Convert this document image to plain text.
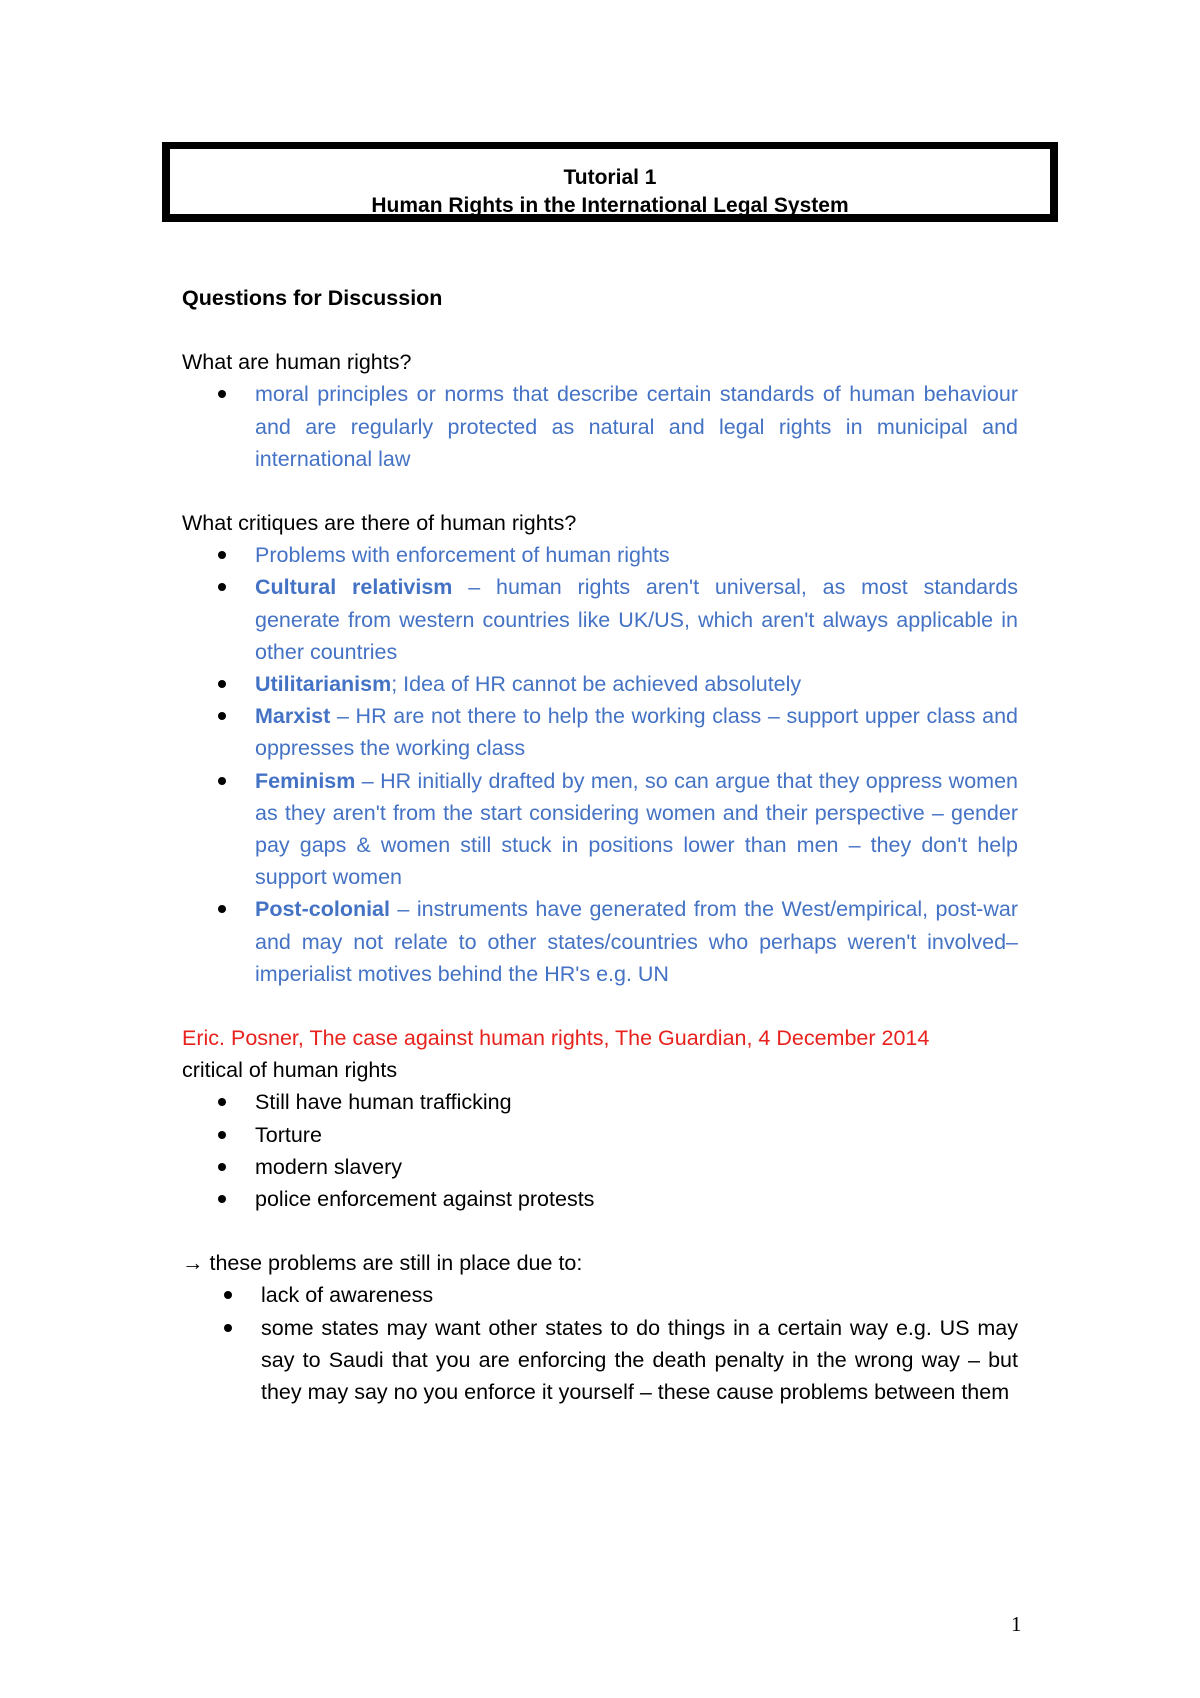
Tutorial 1
Human Rights in the International Legal System
Questions for Discussion
What are human rights?
moral principles or norms that describe certain standards of human behaviour and are regularly protected as natural and legal rights in municipal and international law
What critiques are there of human rights?
Problems with enforcement of human rights
Cultural relativism – human rights aren't universal, as most standards generate from western countries like UK/US, which aren't always applicable in other countries
Utilitarianism; Idea of HR cannot be achieved absolutely
Marxist – HR are not there to help the working class – support upper class and oppresses the working class
Feminism – HR initially drafted by men, so can argue that they oppress women as they aren't from the start considering women and their perspective – gender pay gaps & women still stuck in positions lower than men – they don't help support women
Post-colonial – instruments have generated from the West/empirical, post-war and may not relate to other states/countries who perhaps weren't involved– imperialist motives behind the HR's e.g. UN
Eric. Posner, The case against human rights, The Guardian, 4 December 2014
critical of human rights
Still have human trafficking
Torture
modern slavery
police enforcement against protests
→ these problems are still in place due to:
lack of awareness
some states may want other states to do things in a certain way e.g. US may say to Saudi that you are enforcing the death penalty in the wrong way – but they may say no you enforce it yourself – these cause problems between them
1
